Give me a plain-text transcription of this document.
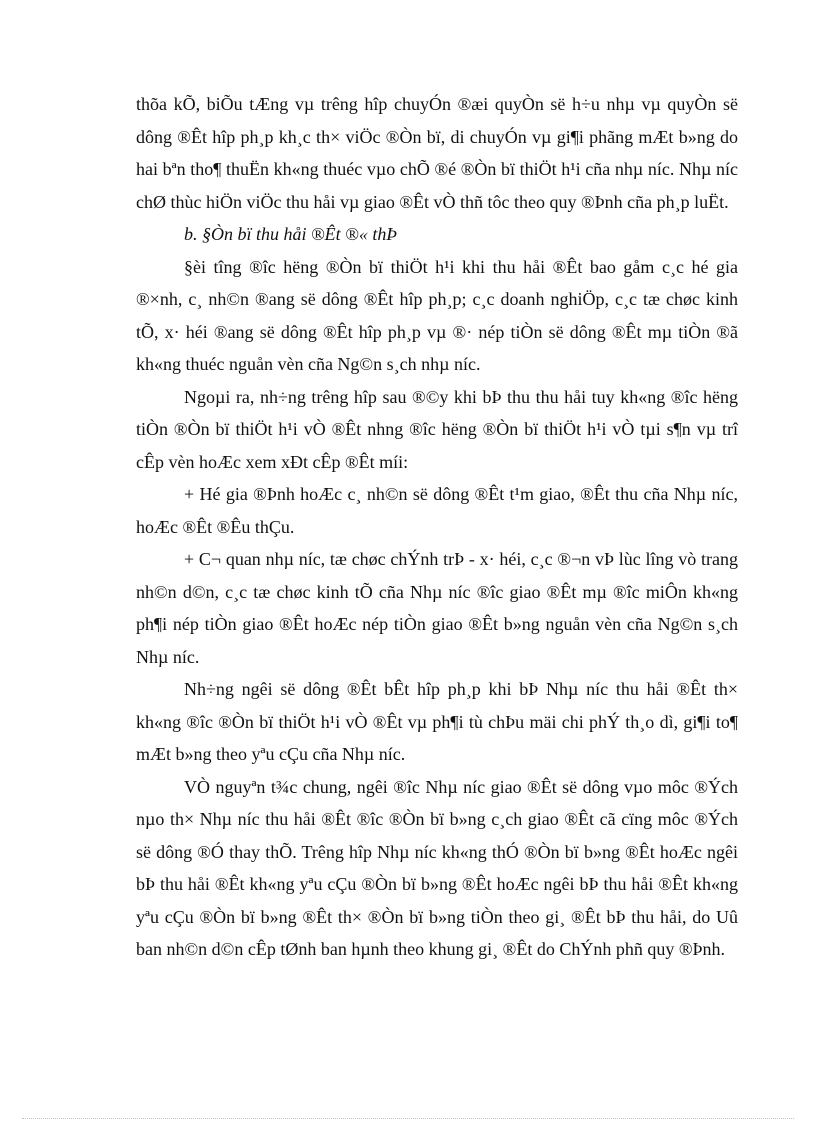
thõa kÕ, biÕu tÆng vµ trêng hîp chuyÓn ®æi quyÒn së h÷u nhµ vµ quyÒn së dông ®Êt hîp ph¸p kh¸c th× viÖc ®Òn bï, di chuyÓn vµ gi¶i phãng mÆt b»ng do hai bªn tho¶ thuËn kh«ng thuéc vµo chÕ ®é ®Òn bï thiÖt h¹i cña nhµ níc. Nhµ níc chØ thùc hiÖn viÖc thu håi vµ giao ®Êt vÒ thñ tôc theo quy ®Þnh cña ph¸p luËt.

b. §Òn bï thu håi ®Êt ®« thÞ

§èi tîng ®îc hëng ®Òn bï thiÖt h¹i khi thu håi ®Êt bao gåm c¸c hé gia ®×nh, c¸ nh©n ®ang së dông ®Êt hîp ph¸p; c¸c doanh nghiÖp, c¸c tæ chøc kinh tÕ, x· héi ®ang së dông ®Êt hîp ph¸p vµ ®· nép tiÒn së dông ®Êt mµ tiÒn ®ã kh«ng thuéc nguån vèn cña Ng©n s¸ch nhµ níc.

Ngoµi ra, nh÷ng trêng hîp sau ®©y khi bÞ thu thu håi tuy kh«ng ®îc hëng tiÒn ®Òn bï thiÖt h¹i vÒ ®Êt nhng ®îc hëng ®Òn bï thiÖt h¹i vÒ tµi s¶n vµ trî cÊp vèn hoÆc xem xÐt cÊp ®Êt míi:

+ Hé gia ®Þnh hoÆc c¸ nh©n së dông ®Êt t¹m giao, ®Êt thu cña Nhµ níc, hoÆc ®Êt ®Êu thÇu.

+ C¬ quan nhµ níc, tæ chøc chÝnh trÞ - x· héi, c¸c ®¬n vÞ lùc lîng vò trang nh©n d©n, c¸c tæ chøc kinh tÕ cña Nhµ níc ®îc giao ®Êt mµ ®îc miÔn kh«ng ph¶i nép tiÒn giao ®Êt hoÆc nép tiÒn giao ®Êt b»ng nguån vèn cña Ng©n s¸ch Nhµ níc.

Nh÷ng ngêi së dông ®Êt bÊt hîp ph¸p khi bÞ Nhµ níc thu håi ®Êt th× kh«ng ®îc ®Òn bï thiÖt h¹i vÒ ®Êt vµ ph¶i tù chÞu mäi chi phÝ th¸o dì, gi¶i to¶ mÆt b»ng theo yªu cÇu cña Nhµ níc.

VÒ nguyªn t¾c chung, ngêi ®îc Nhµ níc giao ®Êt së dông vµo môc ®Ých nµo th× Nhµ níc thu håi ®Êt ®îc ®Òn bï b»ng c¸ch giao ®Êt cã cïng môc ®Ých së dông ®Ó thay thÕ. Trêng hîp Nhµ níc kh«ng thÓ ®Òn bï b»ng ®Êt hoÆc ngêi bÞ thu håi ®Êt kh«ng yªu cÇu ®Òn bï b»ng ®Êt hoÆc ngêi bÞ thu håi ®Êt kh«ng yªu cÇu ®Òn bï b»ng ®Êt th× ®Òn bï b»ng tiÒn theo gi¸ ®Êt bÞ thu håi, do Uû ban nh©n d©n cÊp tØnh ban hµnh theo khung gi¸ ®Êt do ChÝnh phñ quy ®Þnh.
